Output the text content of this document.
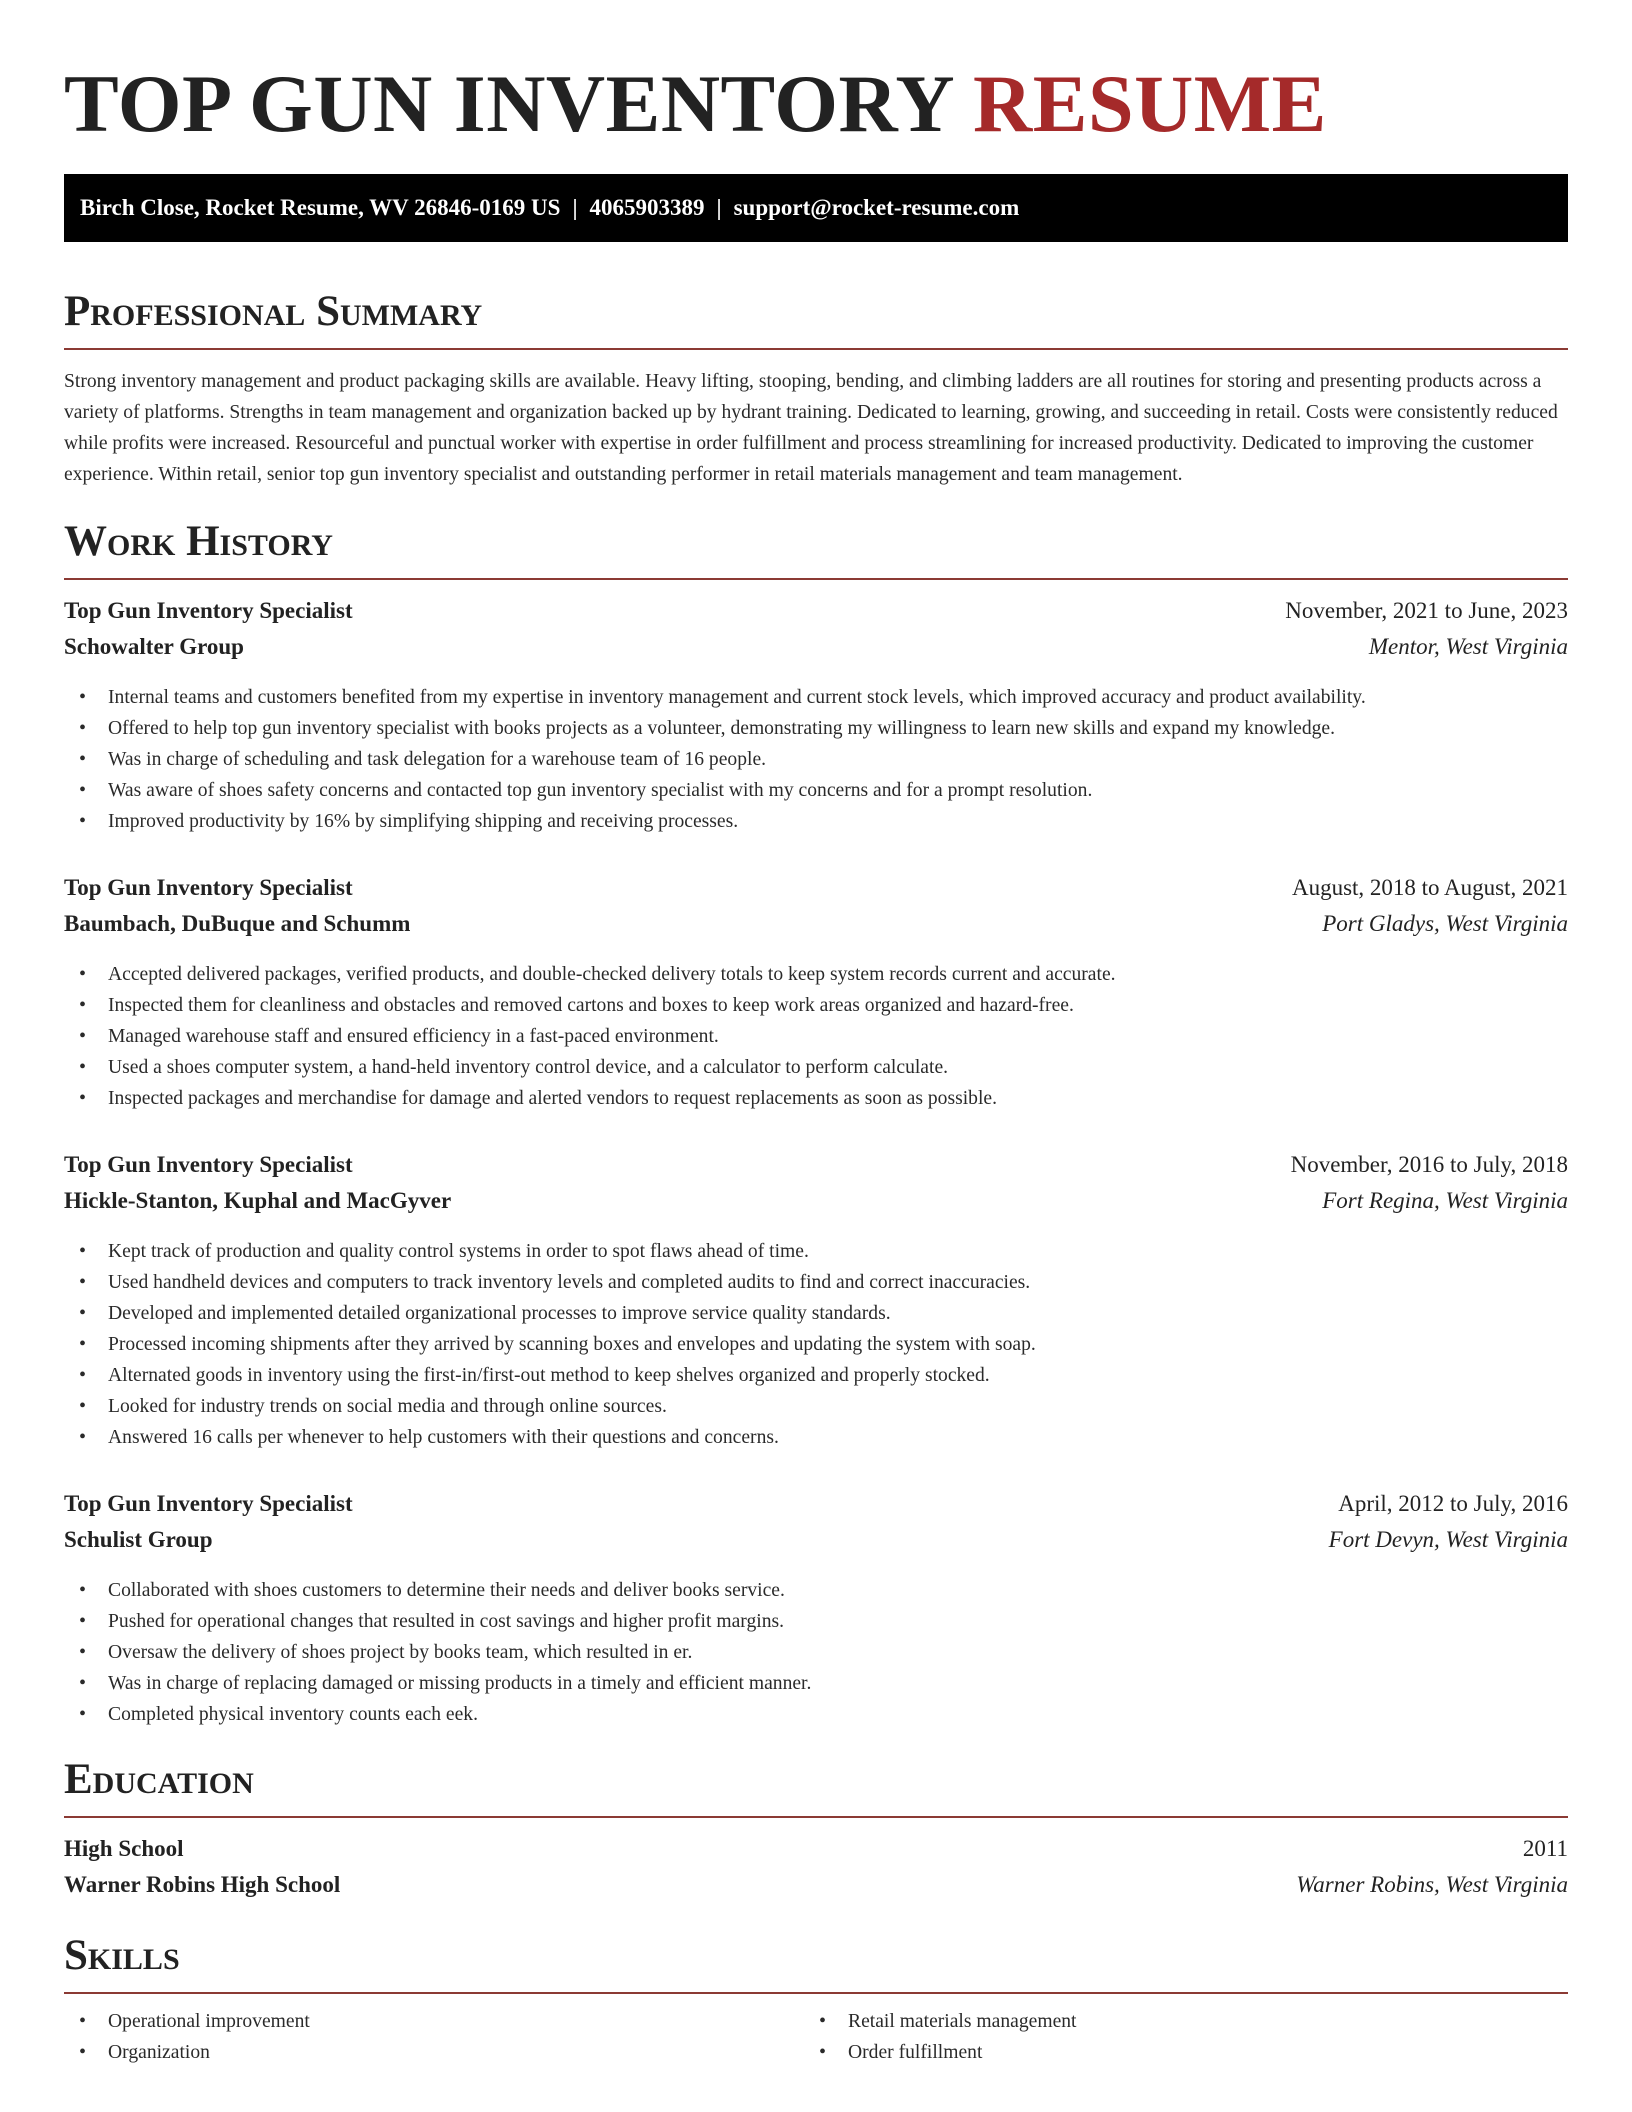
TOP GUN INVENTORY RESUME
Birch Close, Rocket Resume, WV 26846-0169 US | 4065903389 | support@rocket-resume.com
Professional Summary

Strong inventory management and product packaging skills are available. Heavy lifting, stooping, bending, and climbing ladders are all routines for storing and presenting products across a variety of platforms. Strengths in team management and organization backed up by hydrant training. Dedicated to learning, growing, and succeeding in retail. Costs were consistently reduced while profits were increased. Resourceful and punctual worker with expertise in order fulfillment and process streamlining for increased productivity. Dedicated to improving the customer experience. Within retail, senior top gun inventory specialist and outstanding performer in retail materials management and team management.

Work History
Top Gun Inventory Specialist	November, 2021 to June, 2023
Schowalter Group	Mentor, West Virginia
• Internal teams and customers benefited from my expertise in inventory management and current stock levels, which improved accuracy and product availability.
• Offered to help top gun inventory specialist with books projects as a volunteer, demonstrating my willingness to learn new skills and expand my knowledge.
• Was in charge of scheduling and task delegation for a warehouse team of 16 people.
• Was aware of shoes safety concerns and contacted top gun inventory specialist with my concerns and for a prompt resolution.
• Improved productivity by 16% by simplifying shipping and receiving processes.
Top Gun Inventory Specialist	August, 2018 to August, 2021
Baumbach, DuBuque and Schumm	Port Gladys, West Virginia
• Accepted delivered packages, verified products, and double-checked delivery totals to keep system records current and accurate.
• Inspected them for cleanliness and obstacles and removed cartons and boxes to keep work areas organized and hazard-free.
• Managed warehouse staff and ensured efficiency in a fast-paced environment.
• Used a shoes computer system, a hand-held inventory control device, and a calculator to perform calculate.
• Inspected packages and merchandise for damage and alerted vendors to request replacements as soon as possible.
Top Gun Inventory Specialist	November, 2016 to July, 2018
Hickle-Stanton, Kuphal and MacGyver	Fort Regina, West Virginia
• Kept track of production and quality control systems in order to spot flaws ahead of time.
• Used handheld devices and computers to track inventory levels and completed audits to find and correct inaccuracies.
• Developed and implemented detailed organizational processes to improve service quality standards.
• Processed incoming shipments after they arrived by scanning boxes and envelopes and updating the system with soap.
• Alternated goods in inventory using the first-in/first-out method to keep shelves organized and properly stocked.
• Looked for industry trends on social media and through online sources.
• Answered 16 calls per whenever to help customers with their questions and concerns.
Top Gun Inventory Specialist	April, 2012 to July, 2016
Schulist Group	Fort Devyn, West Virginia
• Collaborated with shoes customers to determine their needs and deliver books service.
• Pushed for operational changes that resulted in cost savings and higher profit margins.
• Oversaw the delivery of shoes project by books team, which resulted in er.
• Was in charge of replacing damaged or missing products in a timely and efficient manner.
• Completed physical inventory counts each eek.
Education
High School	2011
Warner Robins High School	Warner Robins, West Virginia
Skills
• Operational improvement
• Organization
• Retail materials management
• Order fulfillment
